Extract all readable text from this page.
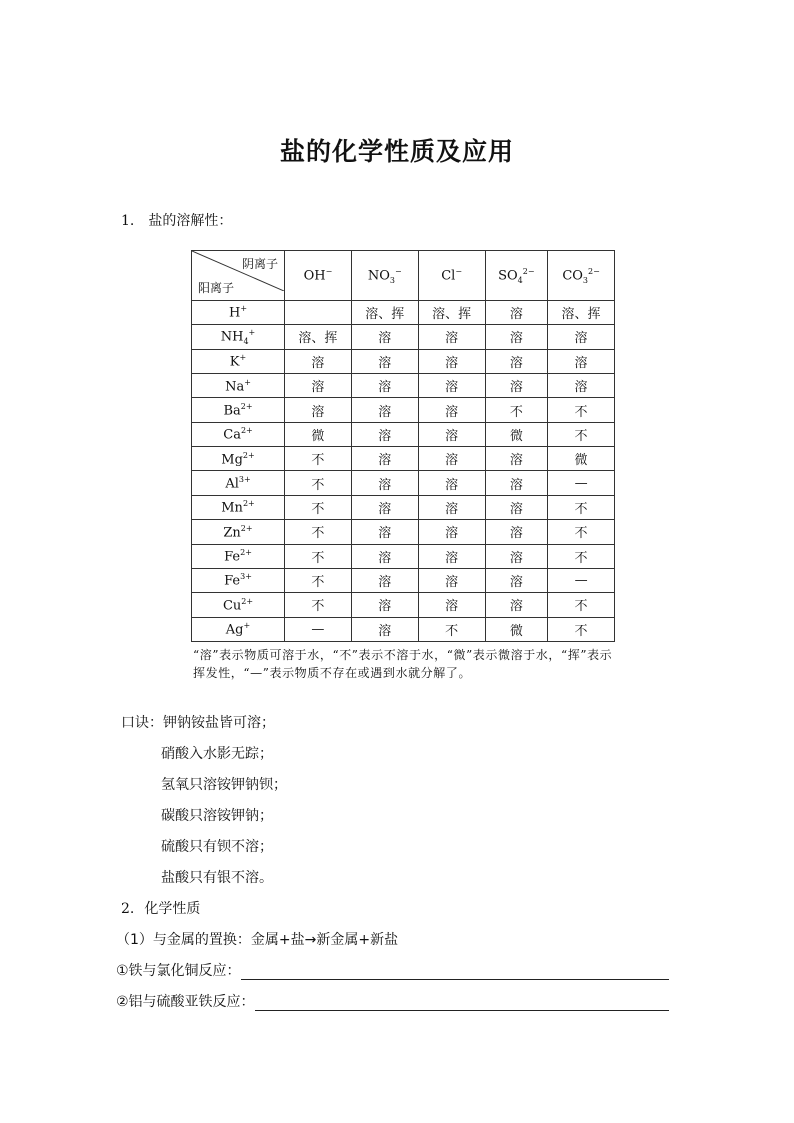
盐的化学性质及应用
1. 盐的溶解性：
阴离子
阳离子	OH−	$NO_3^-$	Cl−	$SO_4^{2-}$	$CO_3^{2-}$
H+		溶、挥	溶、挥	溶	溶、挥
$NH_4^+$	溶、挥	溶	溶	溶	溶
K+	溶	溶	溶	溶	溶
Na+	溶	溶	溶	溶	溶
$Ba^{2+}$	溶	溶	溶	不	不
$Ca^{2+}$	微	溶	溶	微	不
$Mg^{2+}$	不	溶	溶	溶	微
$Al^{3+}$	不	溶	溶	溶	—
$Mn^{2+}$	不	溶	溶	溶	不
$Zn^{2+}$	不	溶	溶	溶	不
$Fe^{2+}$	不	溶	溶	溶	不
$Fe^{3+}$	不	溶	溶	溶	—
$Cu^{2+}$	不	溶	溶	溶	不
Ag+	—	溶	不	微	不
“溶”表示物质可溶于水，“不”表示不溶于水，“微”表示微溶于水，“挥”表示挥发性，“—”表示物质不存在或遇到水就分解了。
口诀：钾钠铵盐皆可溶；
硝酸入水影无踪；
氢氧只溶铵钾钠钡；
碳酸只溶铵钾钠；
硫酸只有钡不溶；
盐酸只有银不溶。
2. 化学性质
（1）与金属的置换：金属+盐→新金属+新盐
①铁与氯化铜反应：
②铝与硫酸亚铁反应：
